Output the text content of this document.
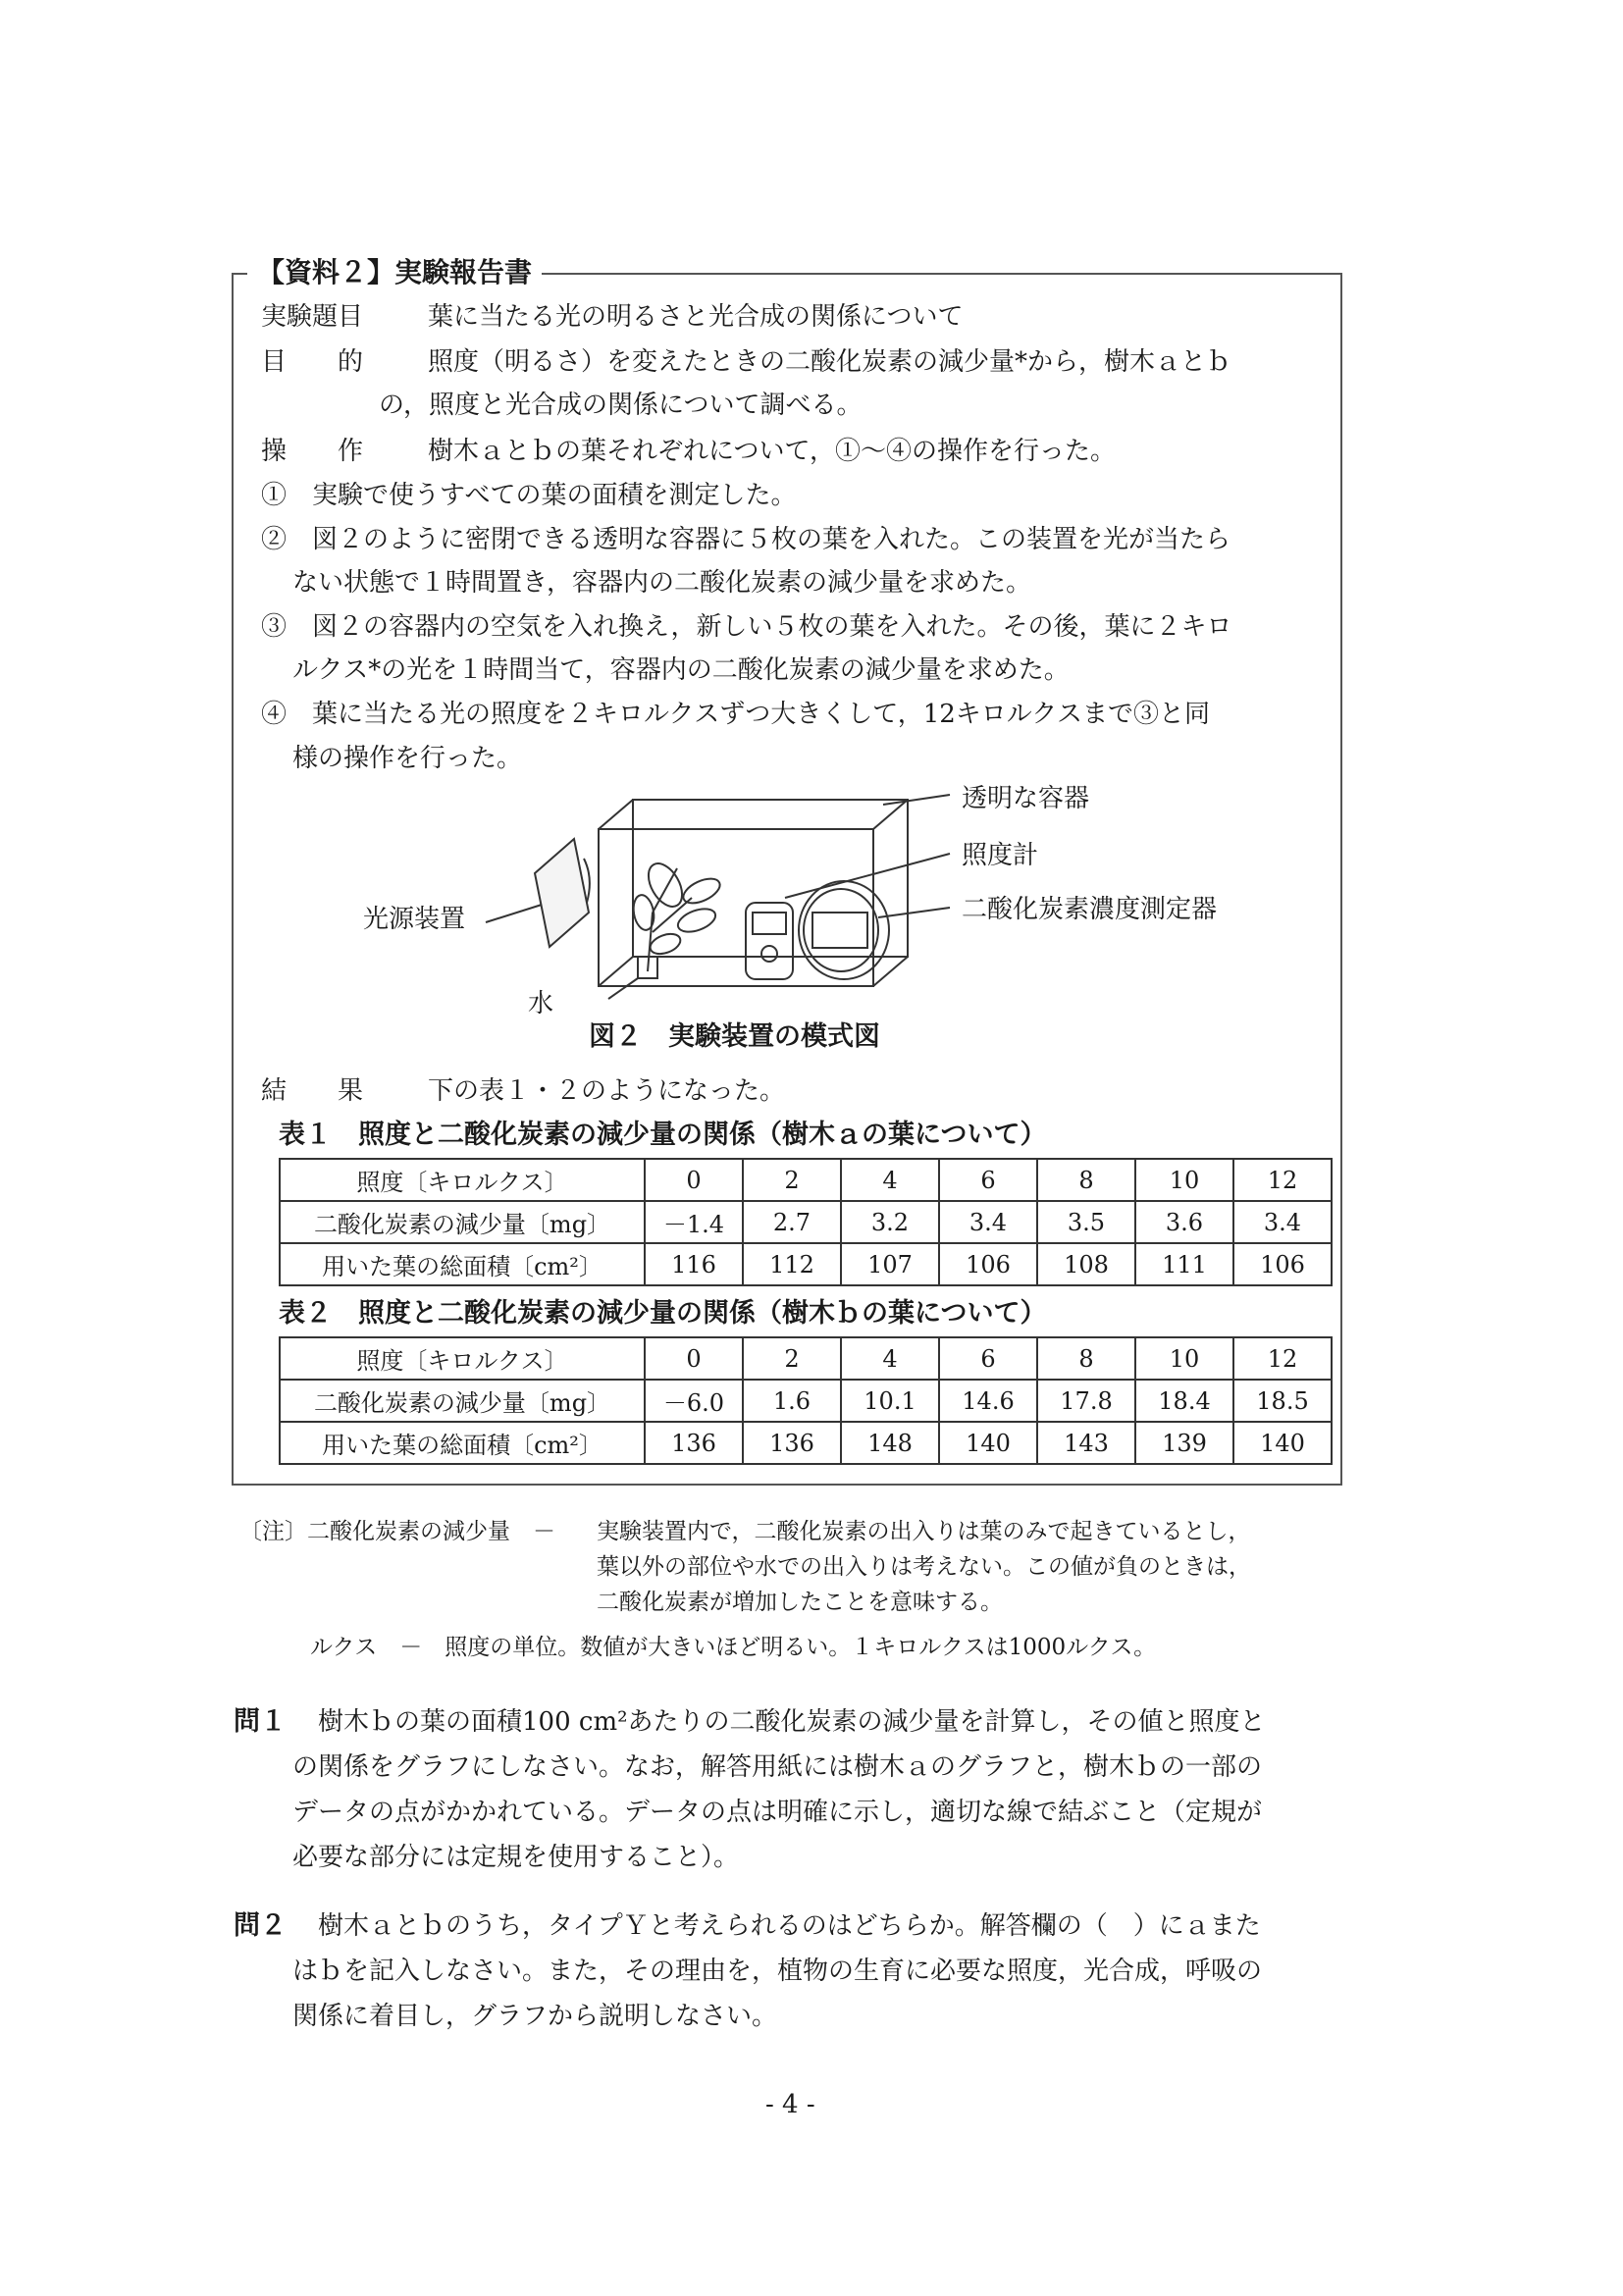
【資料２】実験報告書
実験題目	葉に当たる光の明るさと光合成の関係について
目　　的	照度（明るさ）を変えたときの二酸化炭素の減少量*から，樹木ａとｂ
の，照度と光合成の関係について調べる。
操　　作	樹木ａとｂの葉それぞれについて，①～④の操作を行った。
①　実験で使うすべての葉の面積を測定した。
②　図２のように密閉できる透明な容器に５枚の葉を入れた。この装置を光が当たら
ない状態で１時間置き，容器内の二酸化炭素の減少量を求めた。
③　図２の容器内の空気を入れ換え，新しい５枚の葉を入れた。その後，葉に２キロ
ルクス*の光を１時間当て，容器内の二酸化炭素の減少量を求めた。
④　葉に当たる光の照度を２キロルクスずつ大きくして，12キロルクスまで③と同
様の操作を行った。
透明な容器
照度計
二酸化炭素濃度測定器
光源装置
水
図２　実験装置の模式図
結　　果	下の表１・２のようになった。
表１　照度と二酸化炭素の減少量の関係（樹木ａの葉について）
照度〔キロルクス〕	0	2	4	6	8	10	12
二酸化炭素の減少量〔mg〕	－1.4	2.7	3.2	3.4	3.5	3.6	3.4
用いた葉の総面積〔cm²〕	116	112	107	106	108	111	106
表２　照度と二酸化炭素の減少量の関係（樹木ｂの葉について）
照度〔キロルクス〕	0	2	4	6	8	10	12
二酸化炭素の減少量〔mg〕	－6.0	1.6	10.1	14.6	17.8	18.4	18.5
用いた葉の総面積〔cm²〕	136	136	148	140	143	139	140
〔注〕二酸化炭素の減少量　－ 実験装置内で，二酸化炭素の出入りは葉のみで起きているとし，
葉以外の部位や水での出入りは考えない。この値が負のときは，
二酸化炭素が増加したことを意味する。
ルクス　－　照度の単位。数値が大きいほど明るい。１キロルクスは1000ルクス。
問１ 樹木ｂの葉の面積100 cm²あたりの二酸化炭素の減少量を計算し，その値と照度と
の関係をグラフにしなさい。なお，解答用紙には樹木ａのグラフと，樹木ｂの一部の
データの点がかかれている。データの点は明確に示し，適切な線で結ぶこと（定規が
必要な部分には定規を使用すること）。
問２ 樹木ａとｂのうち，タイプＹと考えられるのはどちらか。解答欄の（　）にａまた
はｂを記入しなさい。また，その理由を，植物の生育に必要な照度，光合成，呼吸の
関係に着目し，グラフから説明しなさい。
- 4 -
